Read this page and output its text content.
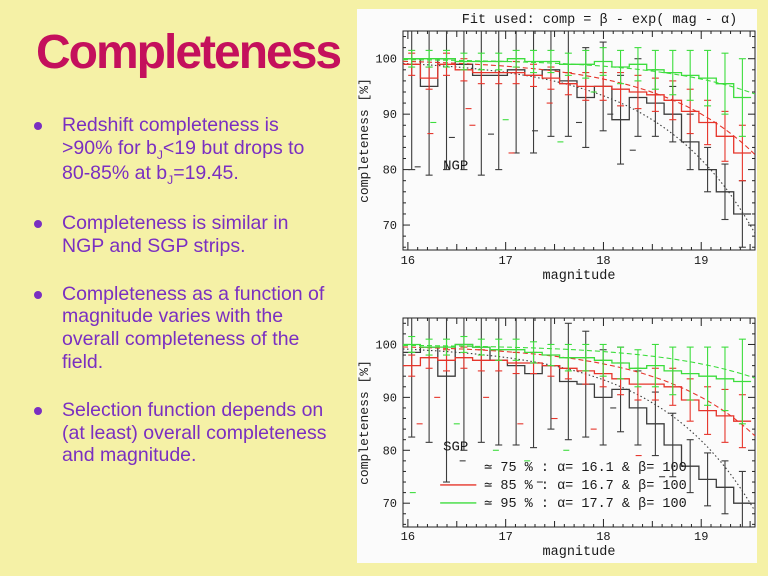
Completeness
Redshift completeness is
>90% for $b_J<19$ but drops to
80-85% at $b_J=19.45$.
Completeness is similar in
NGP and SGP strips.
Completeness as a function of
magnitude varies with the
overall completeness of the
field.
Selection function depends on
(at least) overall completeness
and magnitude.
Fit used: comp = β - exp( mag - α)
16	17	18	19
70
80
90
100
NGP
magnitude
completeness [%]
16	17	18	19
70
80
90
100
SGP
≃ 75 % : α= 16.1 & β= 100
≃ 85 % : α= 16.7 & β= 100
≃ 95 % : α= 17.7 & β= 100
magnitude
completeness [%]
